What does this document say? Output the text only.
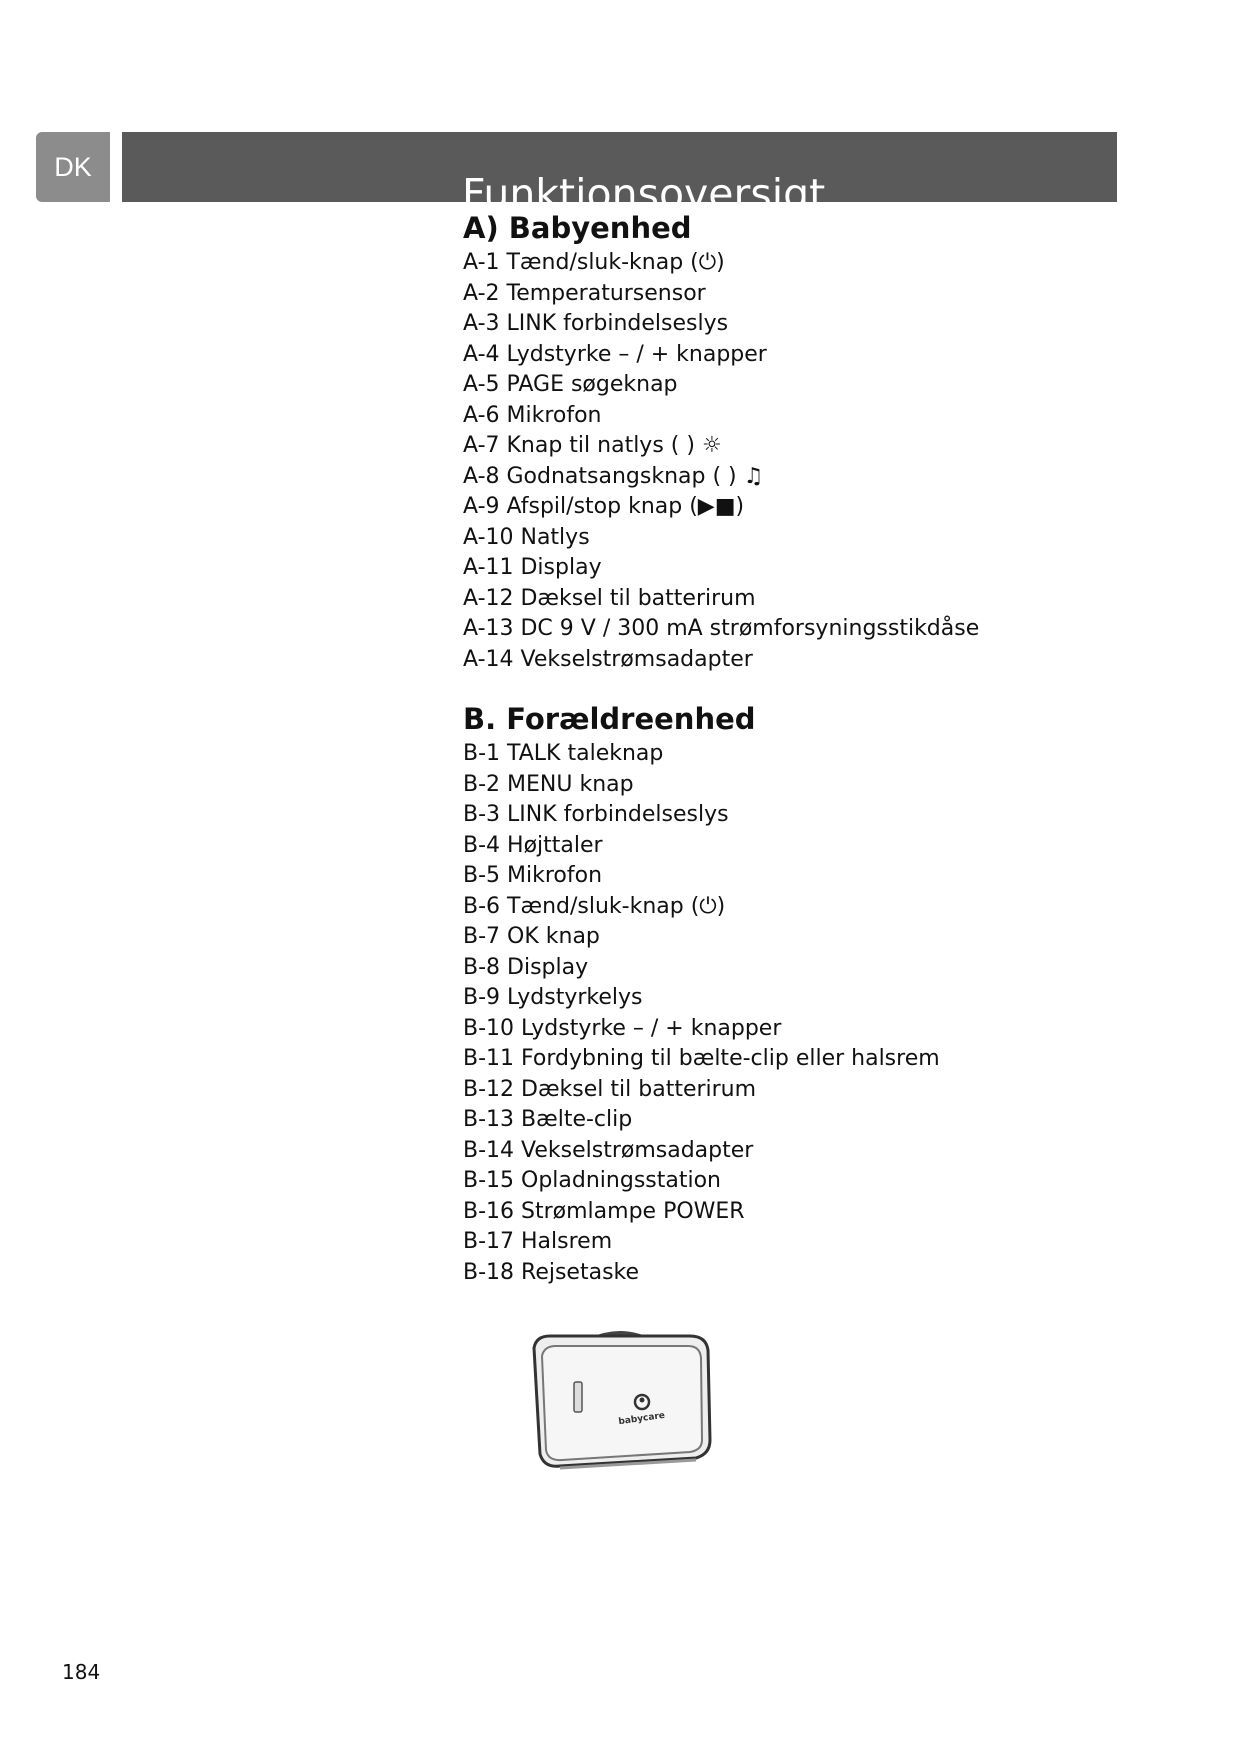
DK
Funktionsoversigt
A) Babyenhed
A-1 Tænd/sluk-knap (⏻)
A-2 Temperatursensor
A-3 LINK forbindelseslys
A-4 Lydstyrke – / + knapper
A-5 PAGE søgeknap
A-6 Mikrofon
A-7 Knap til natlys ( ) ☼
A-8 Godnatsangsknap ( ) ♫
A-9 Afspil/stop knap (▶■)
A-10 Natlys
A-11 Display
A-12 Dæksel til batterirum
A-13 DC 9 V / 300 mA strømforsyningsstikdåse
A-14 Vekselstrømsadapter
B. Forældreenhed
B-1 TALK taleknap
B-2 MENU knap
B-3 LINK forbindelseslys
B-4 Højttaler
B-5 Mikrofon
B-6 Tænd/sluk-knap (⏻)
B-7 OK knap
B-8 Display
B-9 Lydstyrkelys
B-10 Lydstyrke – / + knapper
B-11 Fordybning til bælte-clip eller halsrem
B-12 Dæksel til batterirum
B-13 Bælte-clip
B-14 Vekselstrømsadapter
B-15 Opladningsstation
B-16 Strømlampe POWER
B-17 Halsrem
B-18 Rejsetaske
babycare
184
